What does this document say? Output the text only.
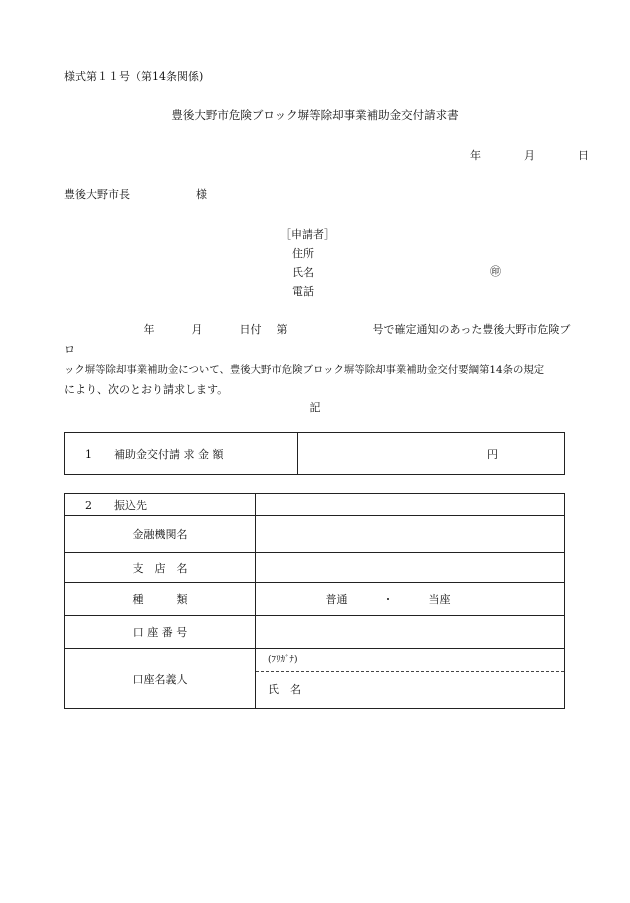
様式第１１号（第14条関係)
豊後大野市危険ブロック塀等除却事業補助金交付請求書
年	月	日
豊後大野市長	様
［申請者］
住所
氏名
電話
㊞
年	月	日付 第	号で確定通知のあった豊後大野市危険ブロ
ック塀等除却事業補助金について、豊後大野市危険ブロック塀等除却事業補助金交付要綱第14条の規定
により、次のとおり請求します。
記
1　　補助金交付請 求 金 額	円
2　　振込先	
金融機関名	
支　店　名	
種　　　類	普通 ・ 当座
口 座 番 号	
口座名義人	(ﾌﾘｶﾞﾅ)
氏　名
